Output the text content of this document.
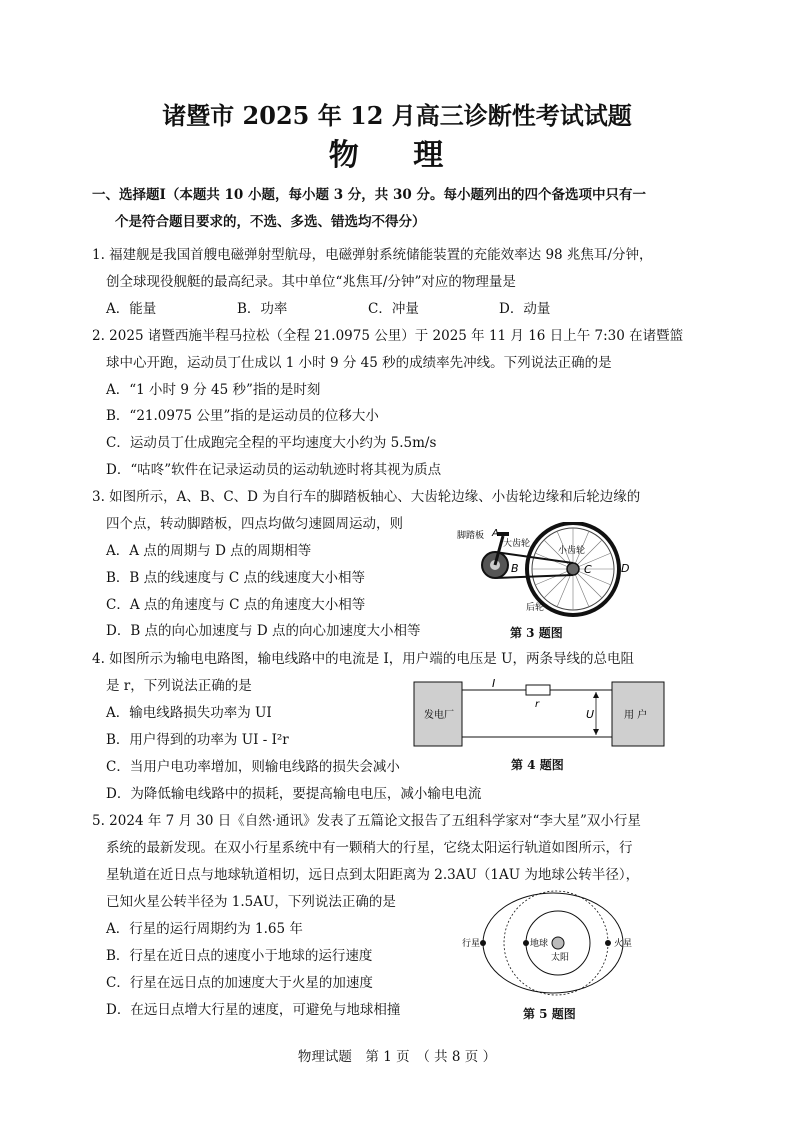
诸暨市 2025 年 12 月高三诊断性考试试题
物 理
一、选择题Ⅰ（本题共 10 小题，每小题 3 分，共 30 分。每小题列出的四个备选项中只有一
个是符合题目要求的，不选、多选、错选均不得分）
1. 福建舰是我国首艘电磁弹射型航母，电磁弹射系统储能装置的充能效率达 98 兆焦耳/分钟，
创全球现役舰艇的最高纪录。其中单位“兆焦耳/分钟”对应的物理量是
A．能量	B．功率	C．冲量	D．动量
2. 2025 诸暨西施半程马拉松（全程 21.0975 公里）于 2025 年 11 月 16 日上午 7:30 在诸暨篮
球中心开跑，运动员丁仕成以 1 小时 9 分 45 秒的成绩率先冲线。下列说法正确的是
A．“1 小时 9 分 45 秒”指的是时刻
B．“21.0975 公里”指的是运动员的位移大小
C．运动员丁仕成跑完全程的平均速度大小约为 5.5m/s
D．“咕咚”软件在记录运动员的运动轨迹时将其视为质点
3. 如图所示，A、B、C、D 为自行车的脚踏板轴心、大齿轮边缘、小齿轮边缘和后轮边缘的
四个点，转动脚踏板，四点均做匀速圆周运动，则
A．A 点的周期与 D 点的周期相等
B．B 点的线速度与 C 点的线速度大小相等
C．A 点的角速度与 C 点的角速度大小相等
D．B 点的向心加速度与 D 点的向心加速度大小相等
脚踏板 A
大齿轮
小齿轮
B	C	D
后轮
第 3 题图
4. 如图所示为输电电路图，输电线路中的电流是 I，用户端的电压是 U，两条导线的总电阻
是 r，下列说法正确的是
A．输电线路损失功率为 UI
B．用户得到的功率为 UI - I²r
C．当用户电功率增加，则输电线路的损失会减小
D．为降低输电线路中的损耗，要提高输电电压，减小输电电流
发电厂	用 户
I
r
U
第 4 题图
5. 2024 年 7 月 30 日《自然·通讯》发表了五篇论文报告了五组科学家对“李大星”双小行星
系统的最新发现。在双小行星系统中有一颗稍大的行星，它绕太阳运行轨道如图所示，行
星轨道在近日点与地球轨道相切，远日点到太阳距离为 2.3AU（1AU 为地球公转半径），
已知火星公转半径为 1.5AU，下列说法正确的是
A．行星的运行周期约为 1.65 年
B．行星在近日点的速度小于地球的运行速度
C．行星在远日点的加速度大于火星的加速度
D．在远日点增大行星的速度，可避免与地球相撞
行星	地球
太阳
火星
第 5 题图
物理试题　第 1 页　（ 共 8 页 ）
